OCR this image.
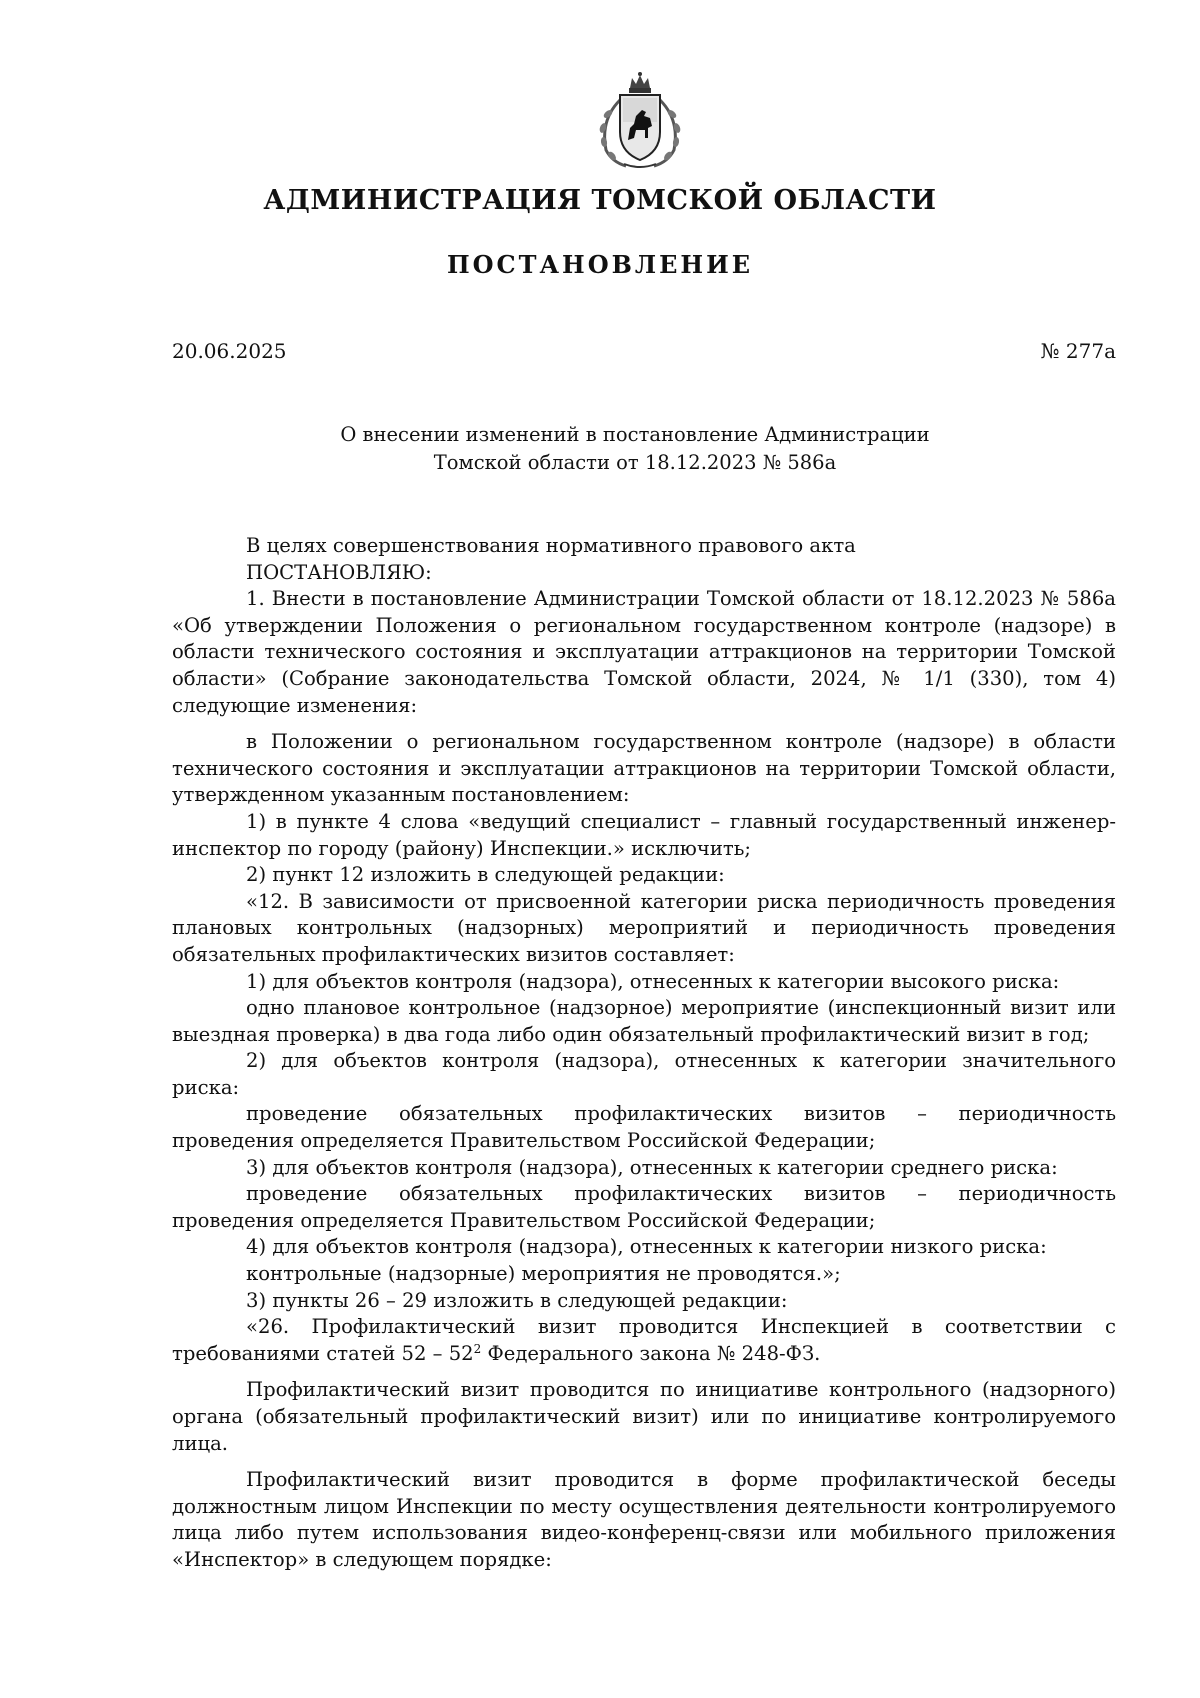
АДМИНИСТРАЦИЯ ТОМСКОЙ ОБЛАСТИ
ПОСТАНОВЛЕНИЕ
20.06.2025	№ 277а
О внесении изменений в постановление Администрации
Томской области от 18.12.2023 № 586а

В целях совершенствования нормативного правового акта

ПОСТАНОВЛЯЮ:

1. Внести в постановление Администрации Томской области от 18.12.2023 № 586а «Об утверждении Положения о региональном государственном контроле (надзоре) в области технического состояния и эксплуатации аттракционов на территории Томской области» (Собрание законодательства Томской области, 2024, № 1/1 (330), том 4) следующие изменения:

в Положении о региональном государственном контроле (надзоре) в области технического состояния и эксплуатации аттракционов на территории Томской области, утвержденном указанным постановлением:

1) в пункте 4 слова «ведущий специалист – главный государственный инженер-инспектор по городу (району) Инспекции.» исключить;

2) пункт 12 изложить в следующей редакции:

«12. В зависимости от присвоенной категории риска периодичность проведения плановых контрольных (надзорных) мероприятий и периодичность проведения обязательных профилактических визитов составляет:

1) для объектов контроля (надзора), отнесенных к категории высокого риска:

одно плановое контрольное (надзорное) мероприятие (инспекционный визит или выездная проверка) в два года либо один обязательный профилактический визит в год;

2) для объектов контроля (надзора), отнесенных к категории значительного риска:

проведение обязательных профилактических визитов – периодичность проведения определяется Правительством Российской Федерации;

3) для объектов контроля (надзора), отнесенных к категории среднего риска:

проведение обязательных профилактических визитов – периодичность проведения определяется Правительством Российской Федерации;

4) для объектов контроля (надзора), отнесенных к категории низкого риска:

контрольные (надзорные) мероприятия не проводятся.»;

3) пункты 26 – 29 изложить в следующей редакции:

«26. Профилактический визит проводится Инспекцией в соответствии с требованиями статей $52 - 52^2$ Федерального закона № 248-ФЗ.

Профилактический визит проводится по инициативе контрольного (надзорного) органа (обязательный профилактический визит) или по инициативе контролируемого лица.

Профилактический визит проводится в форме профилактической беседы должностным лицом Инспекции по месту осуществления деятельности контролируемого лица либо путем использования видео-конференц-связи или мобильного приложения «Инспектор» в следующем порядке:
